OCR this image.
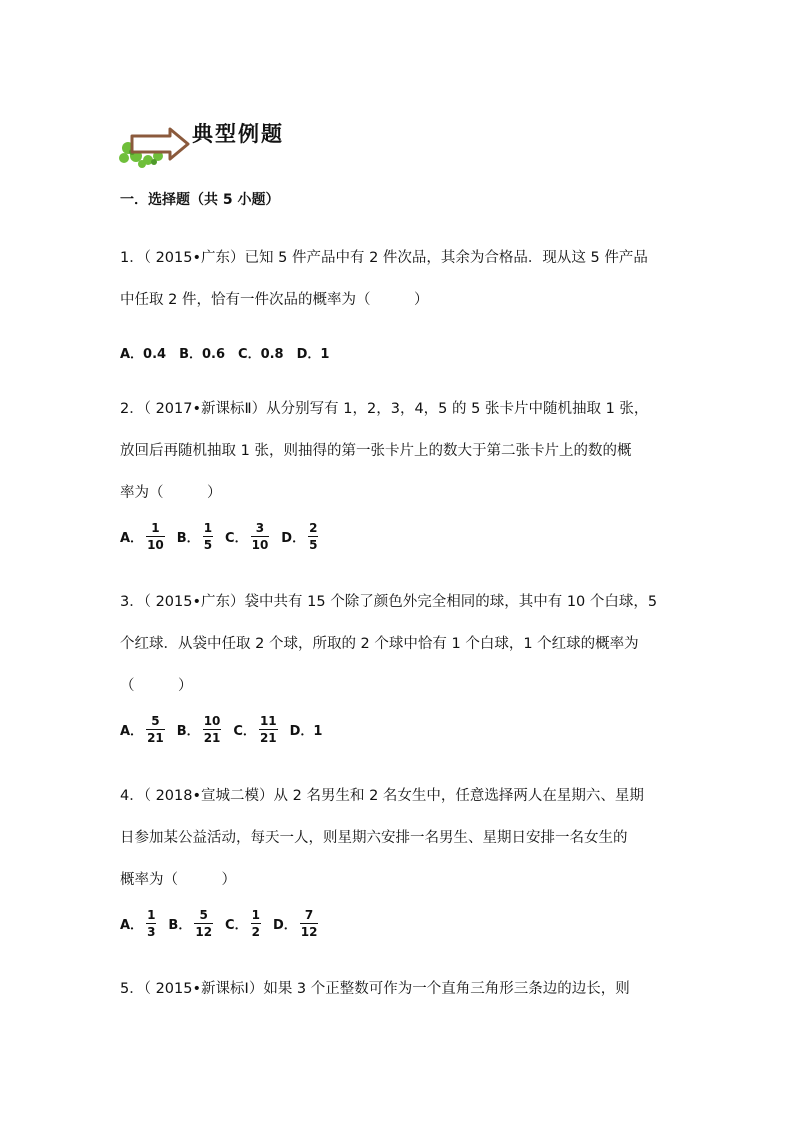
典型例题
一．选择题（共 5 小题）
1．（ 2015•广东）已知 5 件产品中有 2 件次品，其余为合格品．现从这 5 件产品
中任取 2 件，恰有一件次品的概率为（　　　）
A．0.4　B．0.6　C．0.8　D．1
2．（ 2017•新课标Ⅱ）从分别写有 1，2，3，4，5 的 5 张卡片中随机抽取 1 张，
放回后再随机抽取 1 张，则抽得的第一张卡片上的数大于第二张卡片上的数的概
率为（　　　）
A． $\frac{1}{10}$ B． $\frac{1}{5}$ C． $\frac{3}{10}$ D． $\frac{2}{5}$
3．（ 2015•广东）袋中共有 15 个除了颜色外完全相同的球，其中有 10 个白球，5
个红球．从袋中任取 2 个球，所取的 2 个球中恰有 1 个白球，1 个红球的概率为
（　　　）
A． $\frac{5}{21}$ B． $\frac{10}{21}$ C． $\frac{11}{21}$ D．1
4．（ 2018•宣城二模）从 2 名男生和 2 名女生中，任意选择两人在星期六、星期
日参加某公益活动，每天一人，则星期六安排一名男生、星期日安排一名女生的
概率为（　　　）
A． $\frac{1}{3}$ B． $\frac{5}{12}$ C． $\frac{1}{2}$ D． $\frac{7}{12}$
5．（ 2015•新课标Ⅰ）如果 3 个正整数可作为一个直角三角形三条边的边长，则
